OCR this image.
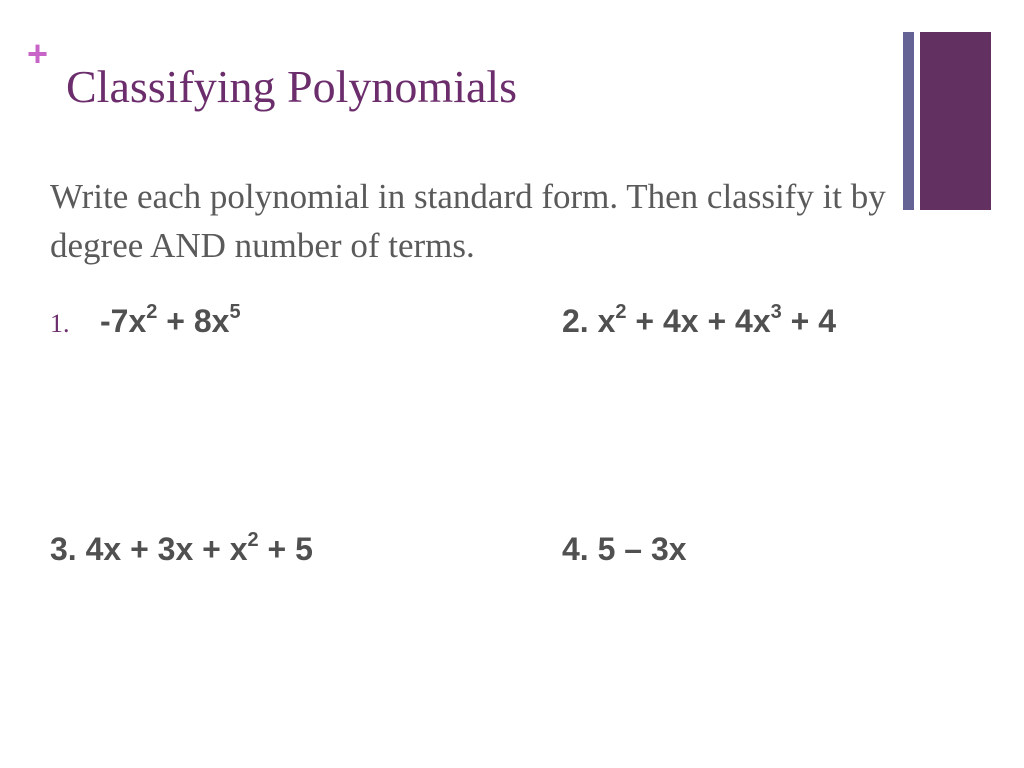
+
Classifying Polynomials

Write each polynomial in standard form. Then classify it by degree AND number of terms.

1. $-7x^2 + 8x^5$	2. $x^2 + 4x + 4x^3 + 4$
3. $4x + 3x + x^2 + 5$	4. 5 – 3x
